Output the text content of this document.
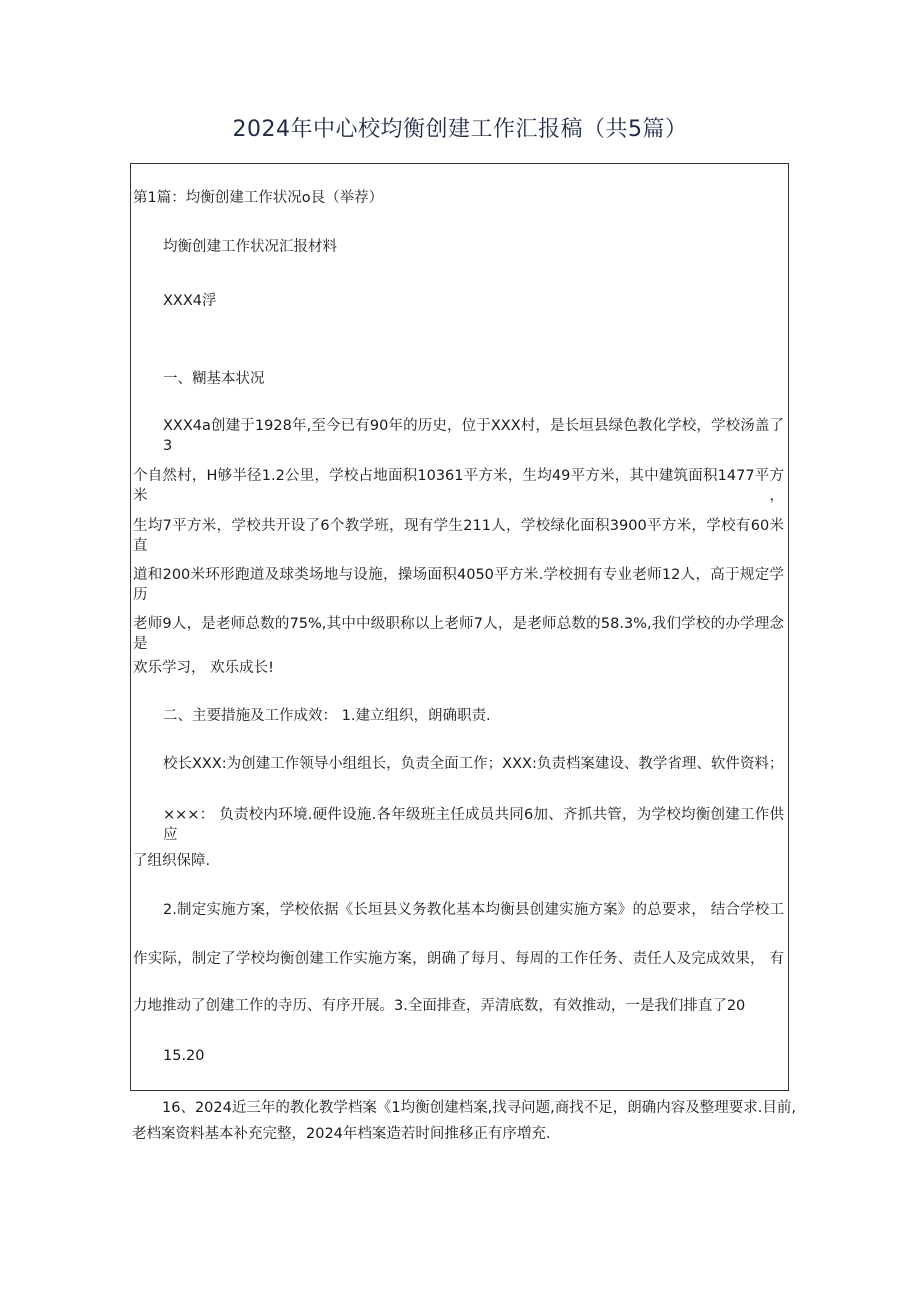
2024年中心校均衡创建工作汇报稿（共5篇）
第1篇：均衡创建工作状况o艮（举荐）
均衡创建工作状况汇报材料
XXX4浮
一、糊基本状况
XXX4a创建于1928年,至今已有90年的历史，位于XXX村，是长垣县绿色教化学校，学校汤盖了3
个自然村，H够半径1.2公里，学校占地面积10361平方米，生均49平方米，其中建筑面积1477平方米，
生均7平方米，学校共开设了6个教学班，现有学生211人，学校绿化面积3900平方米，学校有60米直
道和200米环形跑道及球类场地与设施，操场面积4050平方米.学校拥有专业老师12人，高于规定学历
老师9人，是老师总数的75%,其中中级职称以上老师7人，是老师总数的58.3%,我们学校的办学理念是
欢乐学习， 欢乐成长!
二、主要措施及工作成效： 1.建立组织，朗确职责.
校长XXX:为创建工作领导小组组长，负责全面工作；XXX:负责档案建设、教学省理、软件资料；
×××： 负责校内环境.硬件设施.各年级班主任成员共同6加、齐抓共管，为学校均衡创建工作供应
了组织保障.
2.制定实施方案，学校依据《长垣县义务教化基本均衡县创建实施方案》的总要求， 结合学校工
作实际，制定了学校均衡创建工作实施方案，朗确了每月、每周的工作任务、责任人及完成效果， 有
力地推动了创建工作的寺历、有序开展。3.全面排查，弄清底数，有效推动，一是我们排直了20
15.20
16、2024近三年的教化教学档案《1均衡创建档案,找寻问题,商找不足，朗确内容及整理要求.目前,
老档案资料基本补充完整，2024年档案造若时间推移正有序増充.
